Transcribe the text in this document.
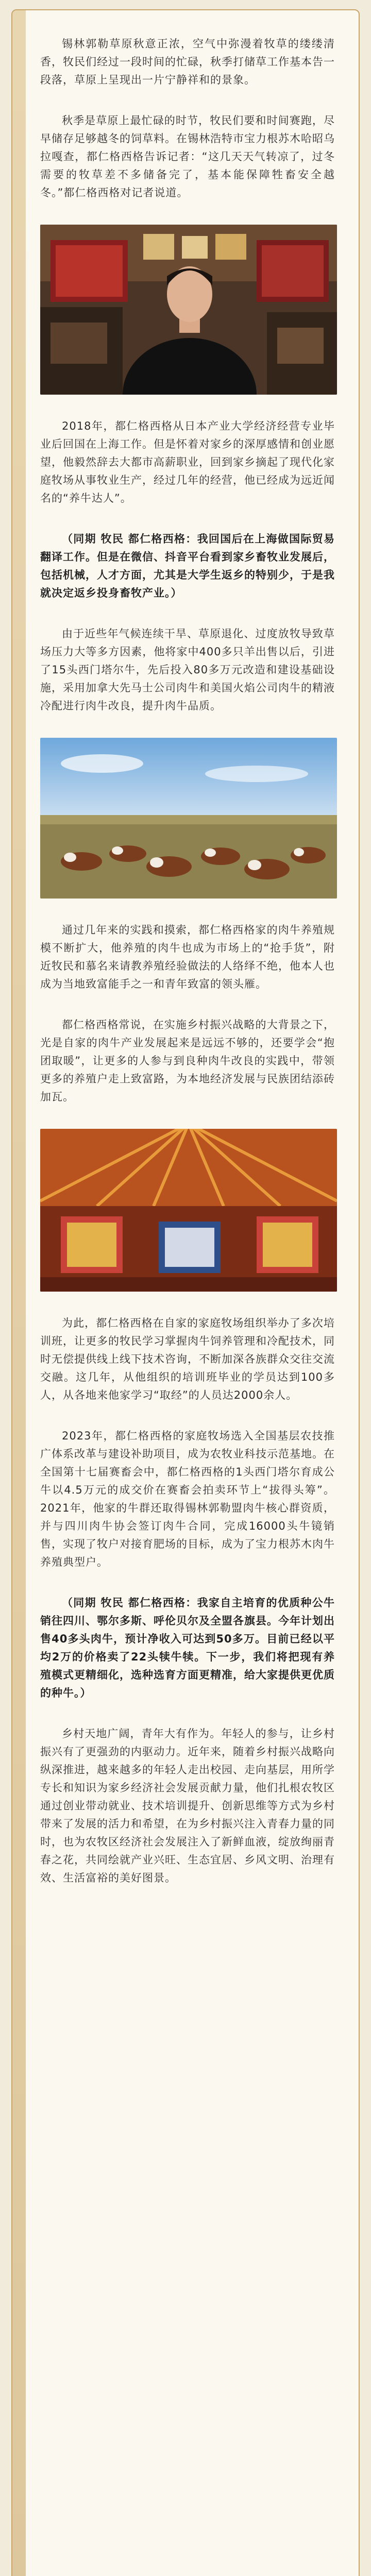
锡林郭勒草原秋意正浓，空气中弥漫着牧草的缕缕清香，牧民们经过一段时间的忙碌，秋季打储草工作基本告一段落，草原上呈现出一片宁静祥和的景象。

秋季是草原上最忙碌的时节，牧民们要和时间赛跑，尽早储存足够越冬的饲草料。在锡林浩特市宝力根苏木哈昭乌拉嘎查，都仁格西格告诉记者：“这几天天气转凉了，过冬需要的牧草差不多储备完了，基本能保障牲畜安全越冬。”都仁格西格对记者说道。

2018年，都仁格西格从日本产业大学经济经营专业毕业后回国在上海工作。但是怀着对家乡的深厚感情和创业愿望，他毅然辞去大都市高薪职业，回到家乡摘起了现代化家庭牧场从事牧业生产，经过几年的经营，他已经成为远近闻名的“养牛达人”。

（同期 牧民 都仁格西格：我回国后在上海做国际贸易翻译工作。但是在微信、抖音平台看到家乡畜牧业发展后，包括机械，人才方面，尤其是大学生返乡的特别少，于是我就决定返乡投身畜牧产业。）

由于近些年气候连续干旱、草原退化、过度放牧导致草场压力大等多方因素，他将家中400多只羊出售以后，引进了15头西门塔尔牛，先后投入80多万元改造和建设基础设施，采用加拿大先马士公司肉牛和美国火焰公司肉牛的精液冷配进行肉牛改良，提升肉牛品质。

通过几年来的实践和摸索，都仁格西格家的肉牛养殖规模不断扩大，他养殖的肉牛也成为市场上的“抢手货”，附近牧民和慕名来请教养殖经验做法的人络绎不绝，他本人也成为当地致富能手之一和青年致富的领头雁。

都仁格西格常说，在实施乡村振兴战略的大背景之下，光是自家的肉牛产业发展起来是远远不够的，还要学会“抱团取暖”，让更多的人参与到良种肉牛改良的实践中，带领更多的养殖户走上致富路，为本地经济发展与民族团结添砖加瓦。

为此，都仁格西格在自家的家庭牧场组织举办了多次培训班，让更多的牧民学习掌握肉牛饲养管理和冷配技术，同时无偿提供线上线下技术咨询，不断加深各族群众交往交流交融。这几年，从他组织的培训班毕业的学员达到100多人，从各地来他家学习“取经”的人员达2000余人。

2023年，都仁格西格的家庭牧场选入全国基层农技推广体系改革与建设补助项目，成为农牧业科技示范基地。在全国第十七届赛畜会中，都仁格西格的1头西门塔尔育成公牛以4.5万元的成交价在赛畜会拍卖环节上“拔得头筹”。2021年，他家的牛群还取得锡林郭勒盟肉牛核心群资质，并与四川肉牛协会签订肉牛合同，完成16000头牛镜销售，实现了牧户对接育肥场的目标，成为了宝力根苏木肉牛养殖典型户。

（同期 牧民 都仁格西格：我家自主培育的优质种公牛销往四川、鄂尔多斯、呼伦贝尔及全盟各旗县。今年计划出售40多头肉牛，预计净收入可达到50多万。目前已经以平均2万的价格卖了22头犊牛犊。下一步，我们将把现有养殖模式更精细化，选种选育方面更精准，给大家提供更优质的种牛。）

乡村天地广阔，青年大有作为。年轻人的参与，让乡村振兴有了更强劲的内驱动力。近年来，随着乡村振兴战略向纵深推进，越来越多的年轻人走出校园、走向基层，用所学专长和知识为家乡经济社会发展贡献力量，他们扎根农牧区通过创业带动就业、技术培训提升、创新思维等方式为乡村带来了发展的活力和希望，在为乡村振兴注入青春力量的同时，也为农牧区经济社会发展注入了新鲜血液，绽放绚丽青春之花，共同绘就产业兴旺、生态宜居、乡风文明、治理有效、生活富裕的美好图景。
